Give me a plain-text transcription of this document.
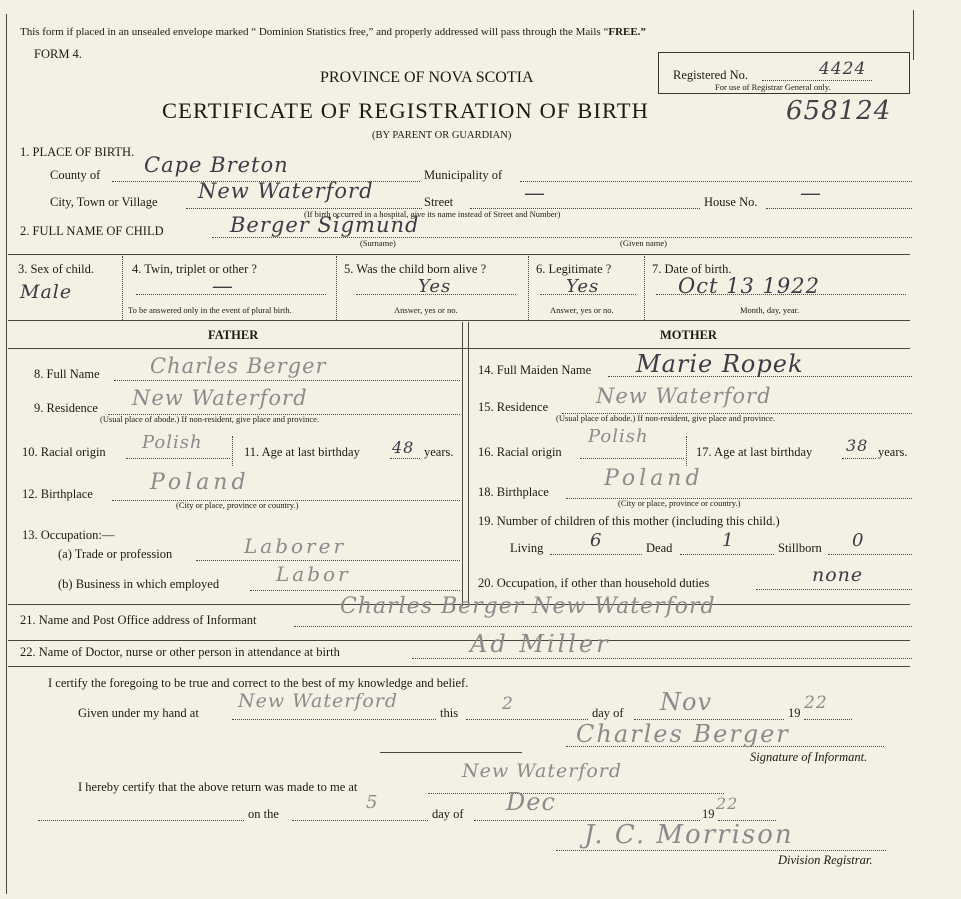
This form if placed in an unsealed envelope marked “ Dominion Statistics free,” and properly addressed will pass through the Mails “FREE.”
FORM 4.
PROVINCE OF NOVA SCOTIA
CERTIFICATE OF REGISTRATION OF BIRTH
(BY PARENT OR GUARDIAN)
658124
Registered No.	4424
For use of Registrar General only.
1. PLACE OF BIRTH.
County of Cape Breton	Municipality of
City, Town or Village New Waterford	Street	—	House No. —
(If birth occurred in a hospital, give its name instead of Street and Number)
2. FULL NAME OF CHILD	Berger Sigmund
(Surname)	(Given name)
3. Sex of child.
Male
4. Twin, triplet or other ?
—
To be answered only in the event of plural birth.
5. Was the child born alive ?
Yes
Answer, yes or no.
6. Legitimate ?
Yes
Answer, yes or no.
7. Date of birth.
Oct 13 1922
Month, day, year.
FATHER	MOTHER
8. Full Name Charles Berger
9. Residence New Waterford
(Usual place of abode.) If non-resident, give place and province.
10. Racial origin Polish	11. Age at last birthday 48 years.
12. Birthplace	Poland
(City or place, province or country.)
13. Occupation:—
(a) Trade or profession	Laborer
(b) Business in which employed	Labor
14. Full Maiden Name Marie Ropek
15. Residence New Waterford
(Usual place of abode.) If non-resident, give place and province.
16. Racial origin
Polish
17. Age at last birthday 38 years.
18. Birthplace
Poland
(City or place, province or country.)
19. Number of children of this mother (including this child.)
Living	6	Dead	1	Stillborn 0
20. Occupation, if other than household duties	none
21. Name and Post Office address of Informant
Charles Berger New Waterford
22. Name of Doctor, nurse or other person in attendance at birth	Ad Miller
I certify the foregoing to be true and correct to the best of my knowledge and belief.
Given under my hand at
New Waterford
this	2	day of Nov	19 22
Charles Berger
Signature of Informant.
I hereby certify that the above return was made to me at
New Waterford
on the
5
day of Dec	19
22
J. C. Morrison
Division Registrar.
